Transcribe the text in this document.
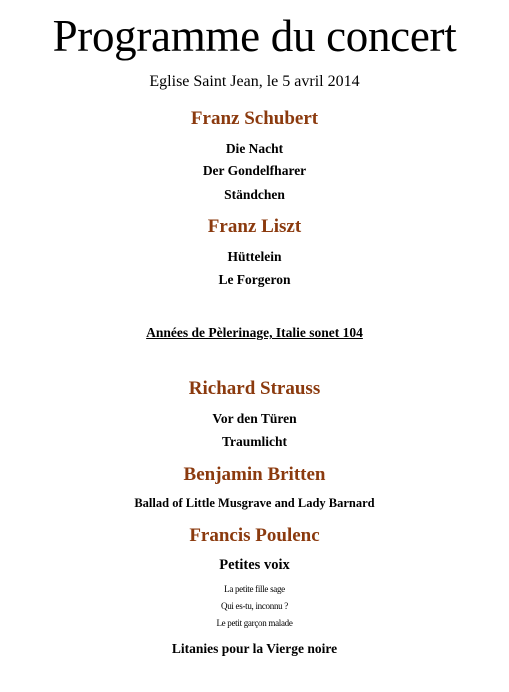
Programme du concert
Eglise Saint Jean, le 5 avril 2014
Franz Schubert
Die Nacht
Der Gondelfharer
Ständchen
Franz Liszt
Hüttelein
Le Forgeron
Années de Pèlerinage, Italie sonet 104
Richard Strauss
Vor den Türen
Traumlicht
Benjamin Britten
Ballad of Little Musgrave and Lady Barnard
Francis Poulenc
Petites voix
La petite fille sage
Qui es-tu, inconnu ?
Le petit garçon malade
Litanies pour la Vierge noire
